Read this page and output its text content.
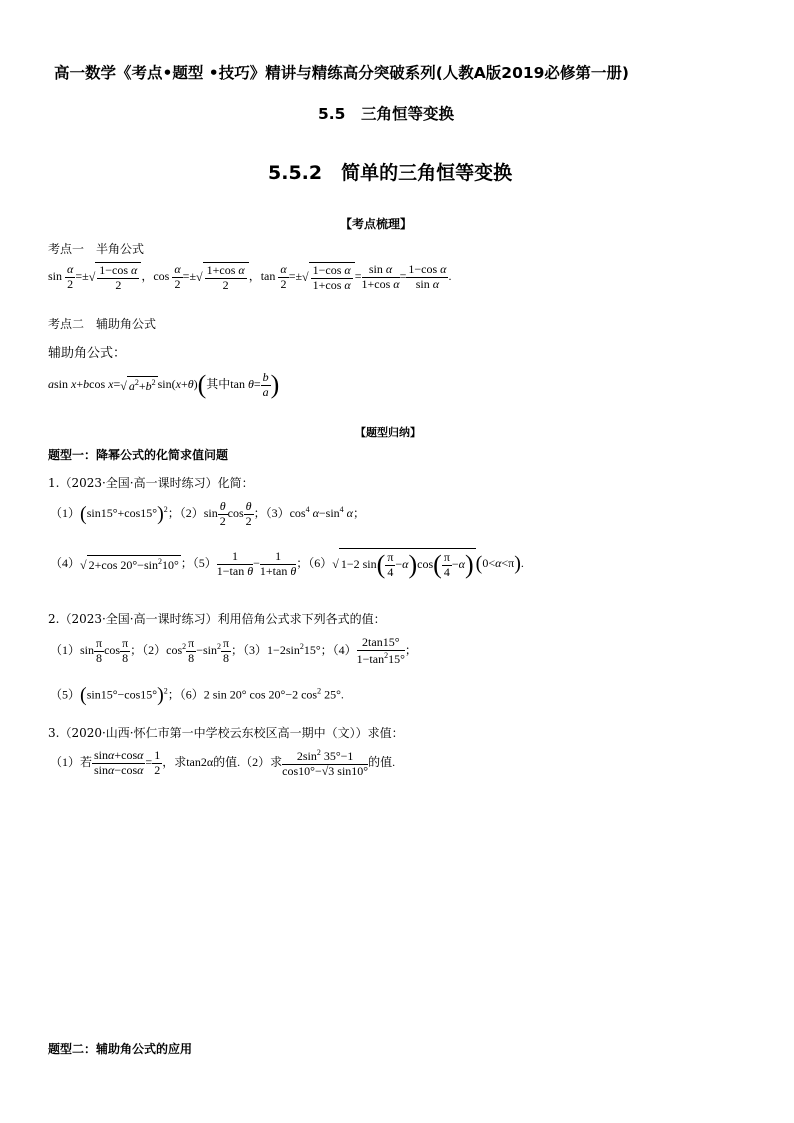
高一数学《考点•题型 •技巧》精讲与精练高分突破系列(人教A版2019必修第一册)
5.5　三角恒等变换
5.5.2　简单的三角恒等变换
【考点梳理】
考点一　半角公式
$\sin \frac{\alpha}{2}$ =±√ $\frac{\text{1−cos α}}{2}$ ，$\cos \frac{\alpha}{2}$ =±√ $\frac{\text{1+cos α}}{2}$ ，$\tan \frac{\alpha}{2}$ =±√ $\frac{\text{1−cos α}}{\text{1+cos α}} = \frac{\text{sin α}}{\text{1+cos α}} = \frac{\text{1−cos α}}{\text{sin α}}$ .
考点二　辅助角公式
辅助角公式：
asin x+bcos x=√ $a^2+b^2$ sin(x+θ)(其中$\tan \theta= \frac{b}{a}$ )
【题型归纳】
题型一：降幂公式的化简求值问题
1.（2023·全国·高一课时练习）化简：
$(1)(\sin 15^\circ+\cos 15^\circ)^2$；$(2)\sin \frac{\theta}{2}$ $\cos \frac{\theta}{2}$ ；$(3)\cos^4$ $\alpha-\sin^4$ α；
（4）√ 2+cos $20^\circ-\sin^210^\circ$ ；$(5) \frac{1}{\text{1−tan θ}} - \frac{1}{\text{1+tan θ}}$ ；（6）√ 1−2 $\sin( \frac{\pi}{4} -\alpha)\cos( \frac{\pi}{4} -\alpha)$ (0<α<π).
2.（2023·全国·高一课时练习）利用倍角公式求下列各式的值：
$(1)\sin \frac{\pi}{8}$ $\cos \frac{\pi}{8}$ ；$(2)\cos^2 \frac{\pi}{8} -\sin^2 \frac{\pi}{8}$ ；$(3)1-2\sin^215^\circ$；$(4) \frac{2\tan 15^\circ}{1-\tan^215^\circ}$ ；
$(5)(\sin 15^\circ-\cos 15^\circ)^2$；（6）2 sin 20° cos 20°−2 $\cos^2 25^\circ$.
3.（2020·山西·怀仁市第一中学校云东校区高一期中（文））求值：
（1）若 $\frac{\sin\alpha+\cos\alpha}{\sin\alpha-\cos\alpha} = \frac{1}{2}$ ，求tan2α的值.（2）求 $\frac{2\sin^2 35^\circ-1}{\cos 10^\circ-√3 \sin 10^\circ}$ 的值.
题型二：辅助角公式的应用
